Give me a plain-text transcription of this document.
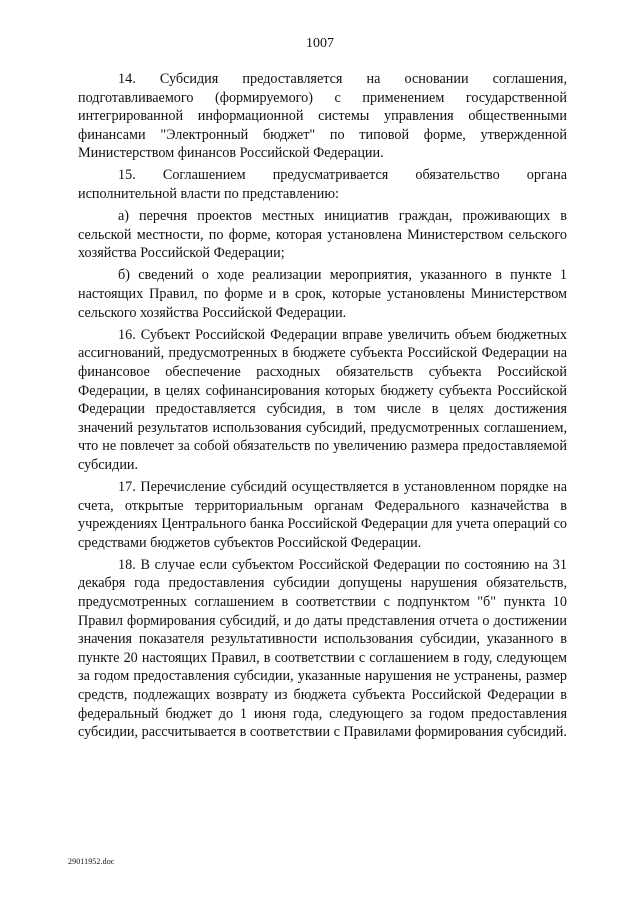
1007

14. Субсидия предоставляется на основании соглашения, подготавливаемого (формируемого) с применением государственной интегрированной информационной системы управления общественными финансами "Электронный бюджет" по типовой форме, утвержденной Министерством финансов Российской Федерации.

15. Соглашением предусматривается обязательство органа исполнительной власти по представлению:

а) перечня проектов местных инициатив граждан, проживающих в сельской местности, по форме, которая установлена Министерством сельского хозяйства Российской Федерации;

б) сведений о ходе реализации мероприятия, указанного в пункте 1 настоящих Правил, по форме и в срок, которые установлены Министерством сельского хозяйства Российской Федерации.

16. Субъект Российской Федерации вправе увеличить объем бюджетных ассигнований, предусмотренных в бюджете субъекта Российской Федерации на финансовое обеспечение расходных обязательств субъекта Российской Федерации, в целях софинансирования которых бюджету субъекта Российской Федерации предоставляется субсидия, в том числе в целях достижения значений результатов использования субсидий, предусмотренных соглашением, что не повлечет за собой обязательств по увеличению размера предоставляемой субсидии.

17. Перечисление субсидий осуществляется в установленном порядке на счета, открытые территориальным органам Федерального казначейства в учреждениях Центрального банка Российской Федерации для учета операций со средствами бюджетов субъектов Российской Федерации.

18. В случае если субъектом Российской Федерации по состоянию на 31 декабря года предоставления субсидии допущены нарушения обязательств, предусмотренных соглашением в соответствии с подпунктом "б" пункта 10 Правил формирования субсидий, и до даты представления отчета о достижении значения показателя результативности использования субсидии, указанного в пункте 20 настоящих Правил, в соответствии с соглашением в году, следующем за годом предоставления субсидии, указанные нарушения не устранены, размер средств, подлежащих возврату из бюджета субъекта Российской Федерации в федеральный бюджет до 1 июня года, следующего за годом предоставления субсидии, рассчитывается в соответствии с Правилами формирования субсидий.

29011952.doc
